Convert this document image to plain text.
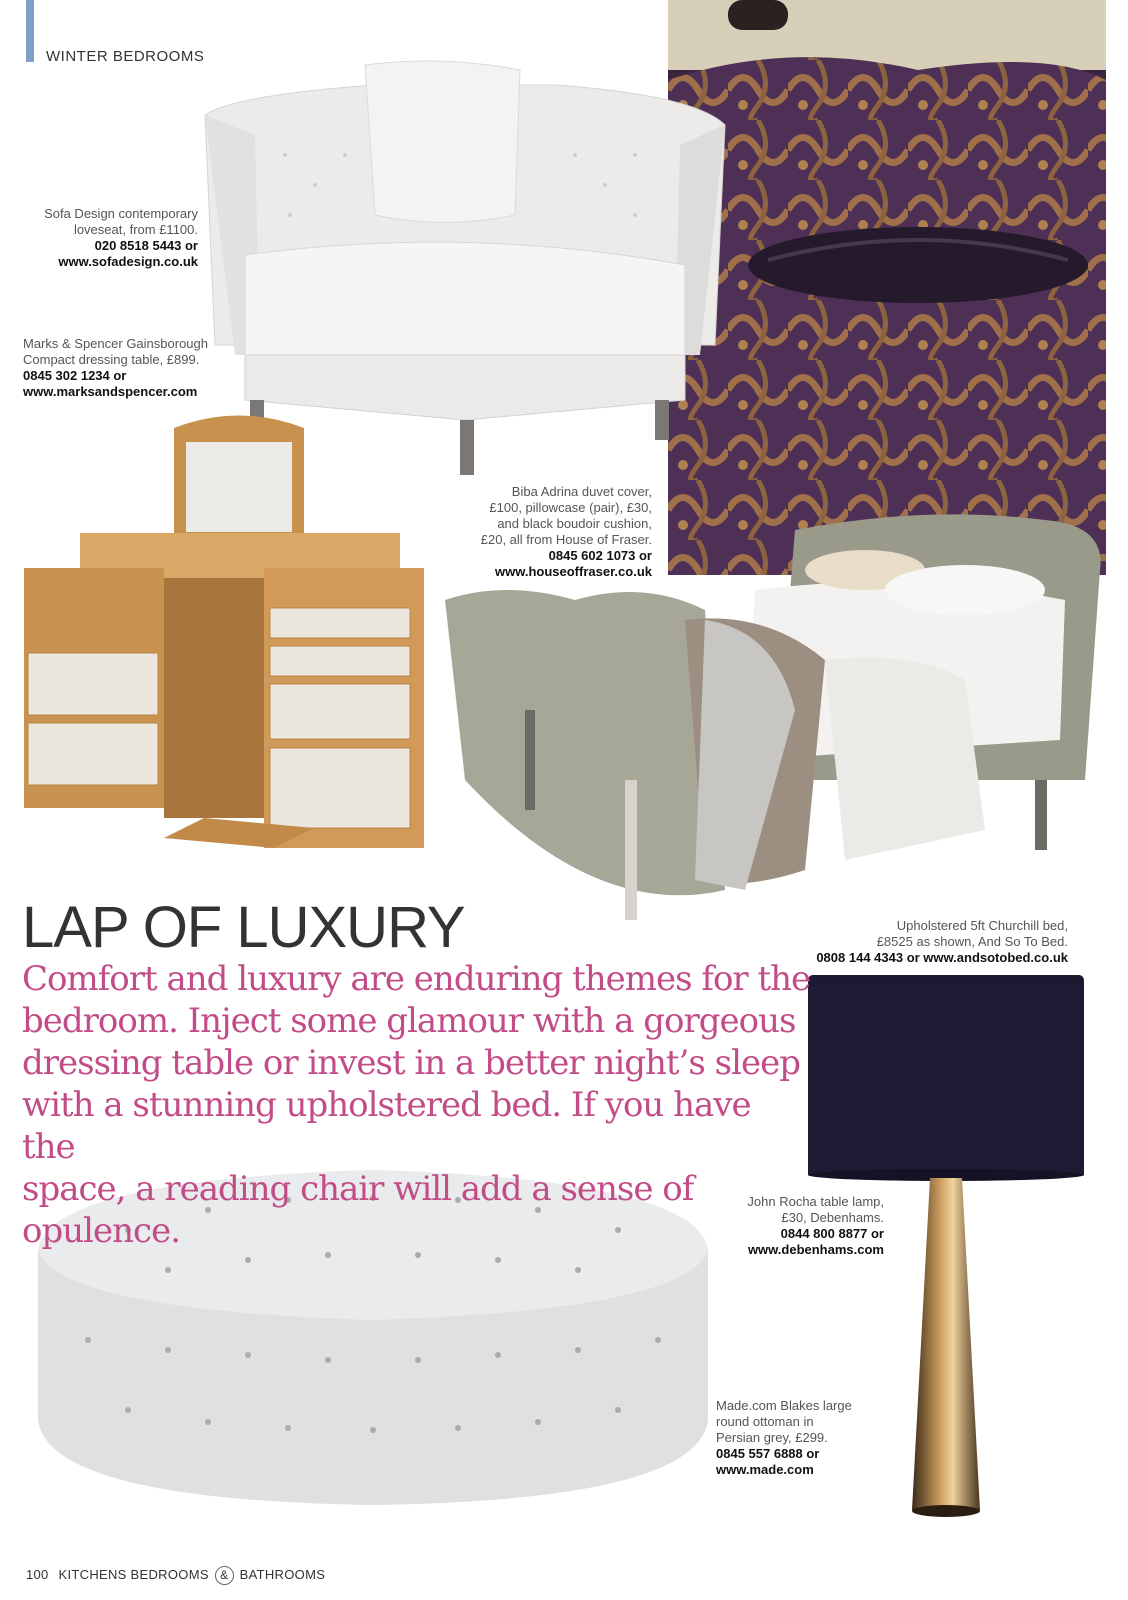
WINTER BEDROOMS
Sofa Design contemporary
loveseat, from £1100.
020 8518 5443 or
www.sofadesign.co.uk
Marks & Spencer Gainsborough
Compact dressing table, £899.
0845 302 1234 or
www.marksandspencer.com
Biba Adrina duvet cover,
£100, pillowcase (pair), £30,
and black boudoir cushion,
£20, all from House of Fraser.
0845 602 1073 or
www.houseoffraser.co.uk
Upholstered 5ft Churchill bed,
£8525 as shown, And So To Bed.
0808 144 4343 or www.andsotobed.co.uk
John Rocha table lamp,
£30, Debenhams.
0844 800 8877 or
www.debenhams.com
Made.com Blakes large
round ottoman in
Persian grey, £299.
0845 557 6888 or
www.made.com
LAP OF LUXURY
Comfort and luxury are enduring themes for the
bedroom. Inject some glamour with a gorgeous
dressing table or invest in a better night’s sleep
with a stunning upholstered bed. If you have the
space, a reading chair will add a sense of opulence.
100 KITCHENS BEDROOMS & BATHROOMS
